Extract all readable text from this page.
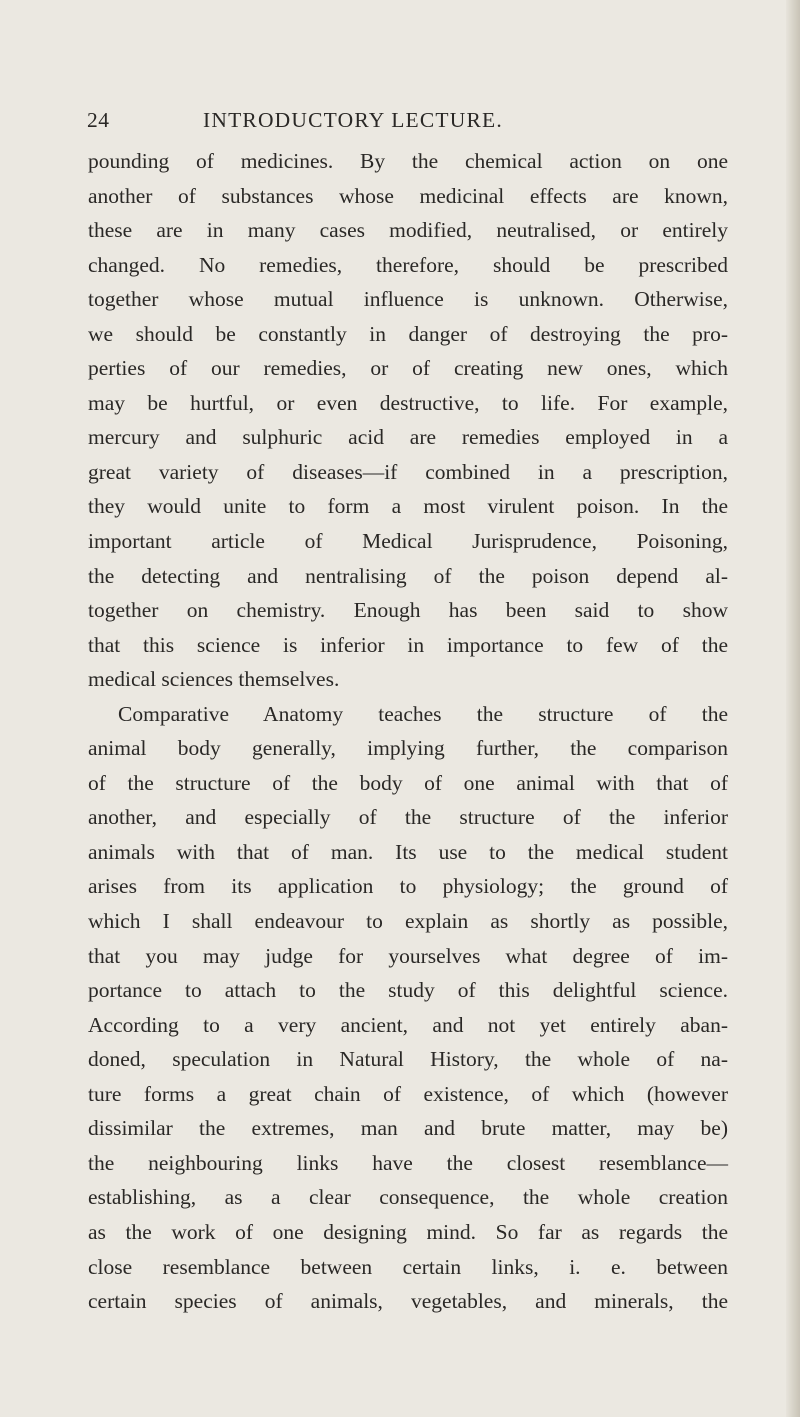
24	INTRODUCTORY LECTURE.
pounding of medicines. By the chemical action on one
another of substances whose medicinal effects are known,
these are in many cases modified, neutralised, or entirely
changed. No remedies, therefore, should be prescribed
together whose mutual influence is unknown. Otherwise,
we should be constantly in danger of destroying the pro-
perties of our remedies, or of creating new ones, which
may be hurtful, or even destructive, to life. For example,
mercury and sulphuric acid are remedies employed in a
great variety of diseases—if combined in a prescription,
they would unite to form a most virulent poison. In the
important article of Medical Jurisprudence, Poisoning,
the detecting and nentralising of the poison depend al-
together on chemistry. Enough has been said to show
that this science is inferior in importance to few of the
medical sciences themselves.
Comparative Anatomy teaches the structure of the
animal body generally, implying further, the comparison
of the structure of the body of one animal with that of
another, and especially of the structure of the inferior
animals with that of man. Its use to the medical student
arises from its application to physiology; the ground of
which I shall endeavour to explain as shortly as possible,
that you may judge for yourselves what degree of im-
portance to attach to the study of this delightful science.
According to a very ancient, and not yet entirely aban-
doned, speculation in Natural History, the whole of na-
ture forms a great chain of existence, of which (however
dissimilar the extremes, man and brute matter, may be)
the neighbouring links have the closest resemblance—
establishing, as a clear consequence, the whole creation
as the work of one designing mind. So far as regards the
close resemblance between certain links, i. e. between
certain species of animals, vegetables, and minerals, the
